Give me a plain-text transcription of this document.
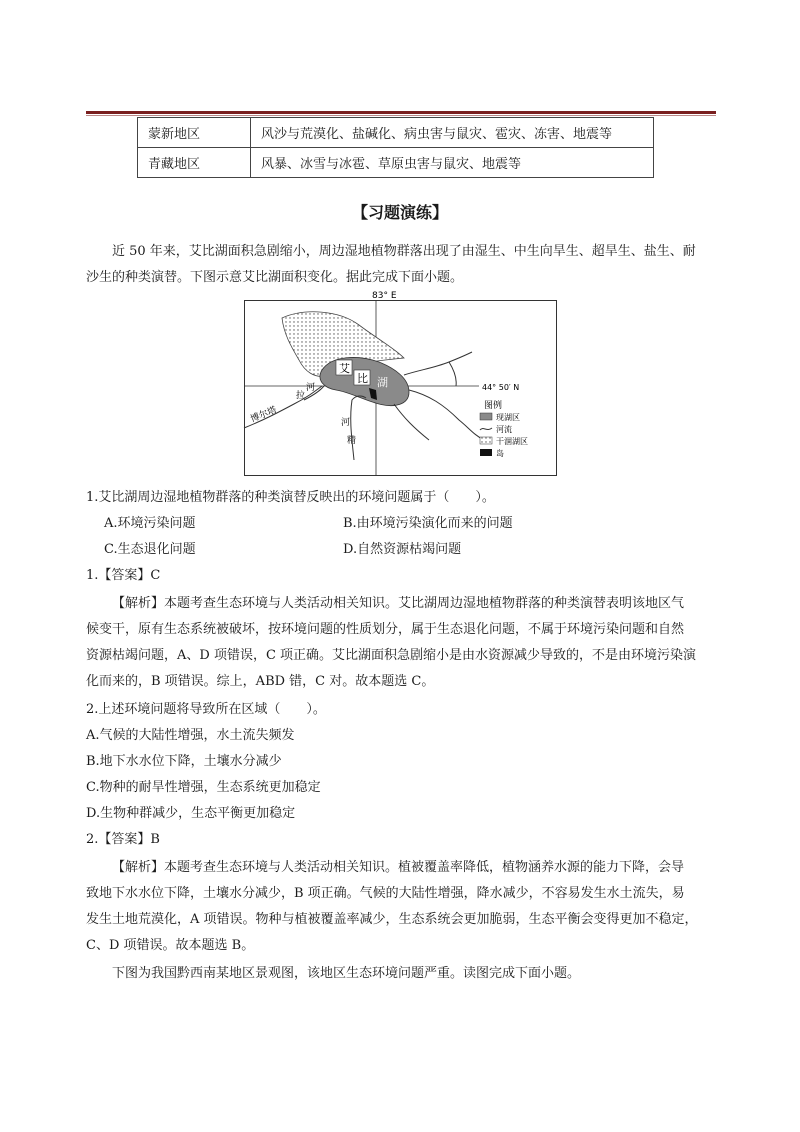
蒙新地区	风沙与荒漠化、盐碱化、病虫害与鼠灾、雹灾、冻害、地震等
青藏地区	风暴、冰雪与冰雹、草原虫害与鼠灾、地震等
【习题演练】
近 50 年来，艾比湖面积急剧缩小，周边湿地植物群落出现了由湿生、中生向旱生、超旱生、盐生、耐
沙生的种类演替。下图示意艾比湖面积变化。据此完成下面小题。
83° E
44° 50′ N
艾
比 湖
拉
河
博尔塔	河
精
图例
现湖区
河流
干涸湖区
岛
1.艾比湖周边湿地植物群落的种类演替反映出的环境问题属于（　　）。
A.环境污染问题	B.由环境污染演化而来的问题
C.生态退化问题	D.自然资源枯竭问题
1.【答案】C
【解析】本题考查生态环境与人类活动相关知识。艾比湖周边湿地植物群落的种类演替表明该地区气
候变干，原有生态系统被破坏，按环境问题的性质划分，属于生态退化问题，不属于环境污染问题和自然
资源枯竭问题，A、D 项错误，C 项正确。艾比湖面积急剧缩小是由水资源减少导致的，不是由环境污染演
化而来的，B 项错误。综上，ABD 错，C 对。故本题选 C。
2.上述环境问题将导致所在区域（　　）。
A.气候的大陆性增强，水土流失频发
B.地下水水位下降，土壤水分减少
C.物种的耐旱性增强，生态系统更加稳定
D.生物种群减少，生态平衡更加稳定
2.【答案】B
【解析】本题考查生态环境与人类活动相关知识。植被覆盖率降低，植物涵养水源的能力下降，会导
致地下水水位下降，土壤水分减少，B 项正确。气候的大陆性增强，降水减少，不容易发生水土流失，易
发生土地荒漠化，A 项错误。物种与植被覆盖率减少，生态系统会更加脆弱，生态平衡会变得更加不稳定，
C、D 项错误。故本题选 B。
下图为我国黔西南某地区景观图，该地区生态环境问题严重。读图完成下面小题。
